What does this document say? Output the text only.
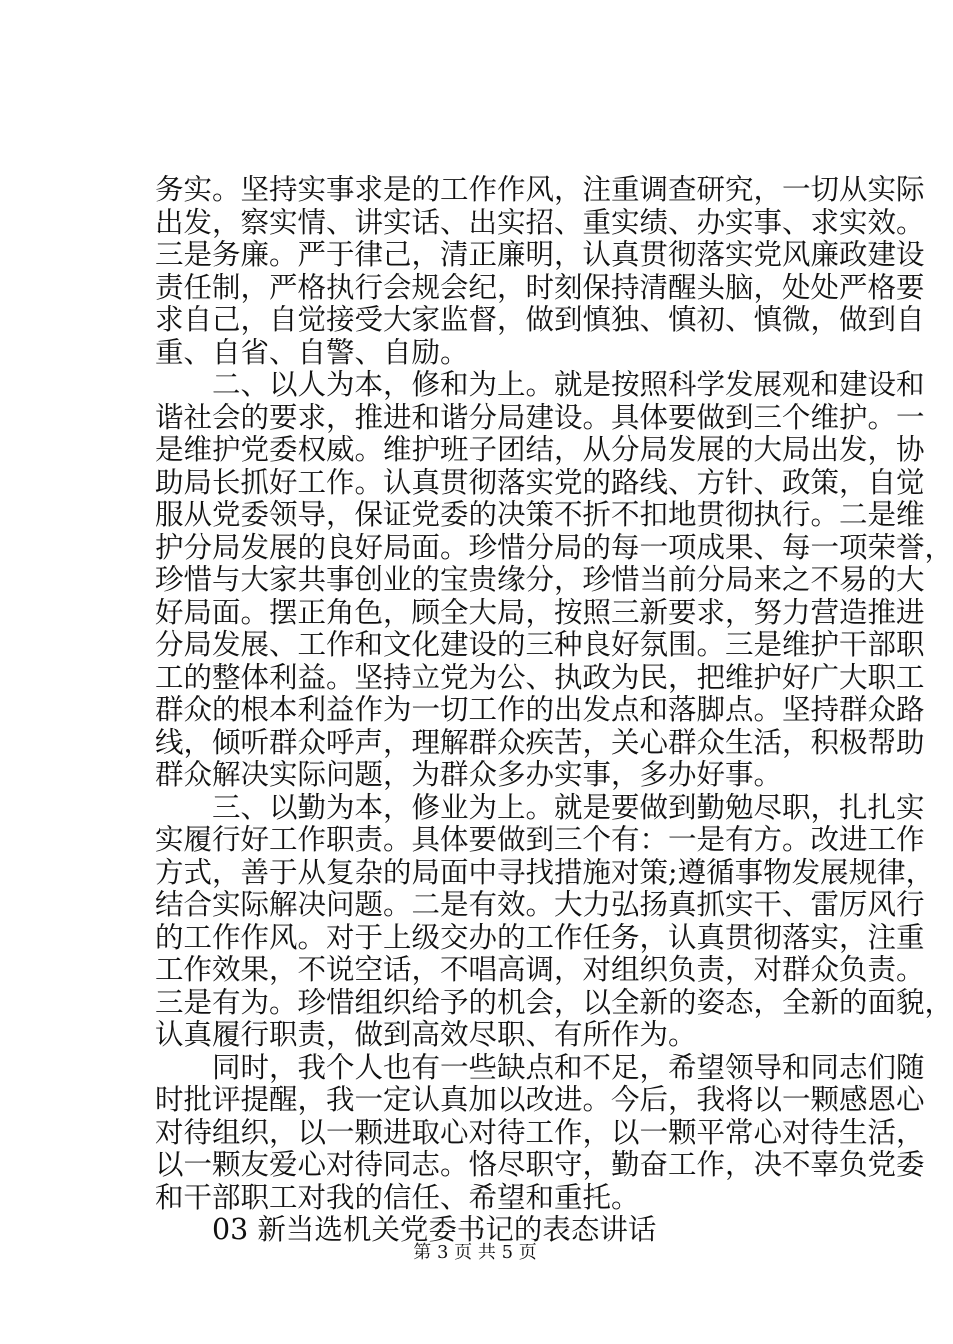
务实。坚持实事求是的工作作风，注重调查研究，一切从实际
出发，察实情、讲实话、出实招、重实绩、办实事、求实效。
三是务廉。严于律己，清正廉明，认真贯彻落实党风廉政建设
责任制，严格执行会规会纪，时刻保持清醒头脑，处处严格要
求自己，自觉接受大家监督，做到慎独、慎初、慎微，做到自
重、自省、自警、自励。
　　二、以人为本，修和为上。就是按照科学发展观和建设和
谐社会的要求，推进和谐分局建设。具体要做到三个维护。一
是维护党委权威。维护班子团结，从分局发展的大局出发，协
助局长抓好工作。认真贯彻落实党的路线、方针、政策，自觉
服从党委领导，保证党委的决策不折不扣地贯彻执行。二是维
护分局发展的良好局面。珍惜分局的每一项成果、每一项荣誉，
珍惜与大家共事创业的宝贵缘分，珍惜当前分局来之不易的大
好局面。摆正角色，顾全大局，按照三新要求，努力营造推进
分局发展、工作和文化建设的三种良好氛围。三是维护干部职
工的整体利益。坚持立党为公、执政为民，把维护好广大职工
群众的根本利益作为一切工作的出发点和落脚点。坚持群众路
线，倾听群众呼声，理解群众疾苦，关心群众生活，积极帮助
群众解决实际问题，为群众多办实事，多办好事。
　　三、以勤为本，修业为上。就是要做到勤勉尽职，扎扎实
实履行好工作职责。具体要做到三个有：一是有方。改进工作
方式，善于从复杂的局面中寻找措施对策;遵循事物发展规律，
结合实际解决问题。二是有效。大力弘扬真抓实干、雷厉风行
的工作作风。对于上级交办的工作任务，认真贯彻落实，注重
工作效果，不说空话，不唱高调，对组织负责，对群众负责。
三是有为。珍惜组织给予的机会，以全新的姿态，全新的面貌，
认真履行职责，做到高效尽职、有所作为。
　　同时，我个人也有一些缺点和不足，希望领导和同志们随
时批评提醒，我一定认真加以改进。今后，我将以一颗感恩心
对待组织，以一颗进取心对待工作，以一颗平常心对待生活，
以一颗友爱心对待同志。恪尽职守，勤奋工作，决不辜负党委
和干部职工对我的信任、希望和重托。
　　03 新当选机关党委书记的表态讲话
第 3 页 共 5 页
